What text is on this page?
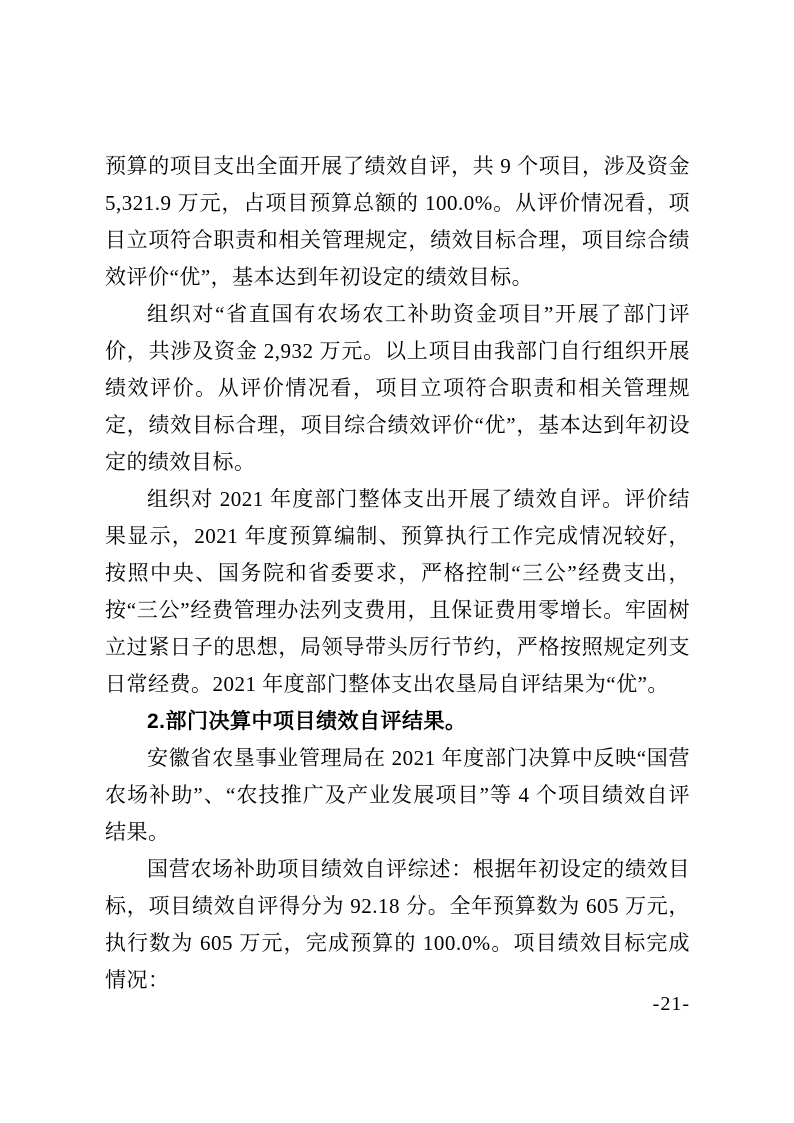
预算的项目支出全面开展了绩效自评，共 9 个项目，涉及资金 5,321.9 万元，占项目预算总额的 100.0%。从评价情况看，项目立项符合职责和相关管理规定，绩效目标合理，项目综合绩效评价“优”，基本达到年初设定的绩效目标。

组织对“省直国有农场农工补助资金项目”开展了部门评价，共涉及资金 2,932 万元。以上项目由我部门自行组织开展绩效评价。从评价情况看，项目立项符合职责和相关管理规定，绩效目标合理，项目综合绩效评价“优”，基本达到年初设定的绩效目标。

组织对 2021 年度部门整体支出开展了绩效自评。评价结果显示，2021 年度预算编制、预算执行工作完成情况较好，按照中央、国务院和省委要求，严格控制“三公”经费支出，按“三公”经费管理办法列支费用，且保证费用零增长。牢固树立过紧日子的思想，局领导带头厉行节约，严格按照规定列支日常经费。2021 年度部门整体支出农垦局自评结果为“优”。

2.部门决算中项目绩效自评结果。

安徽省农垦事业管理局在 2021 年度部门决算中反映“国营农场补助”、“农技推广及产业发展项目”等 4 个项目绩效自评结果。

国营农场补助项目绩效自评综述：根据年初设定的绩效目标，项目绩效自评得分为 92.18 分。全年预算数为 605 万元，执行数为 605 万元，完成预算的 100.0%。项目绩效目标完成情况：

-21-
